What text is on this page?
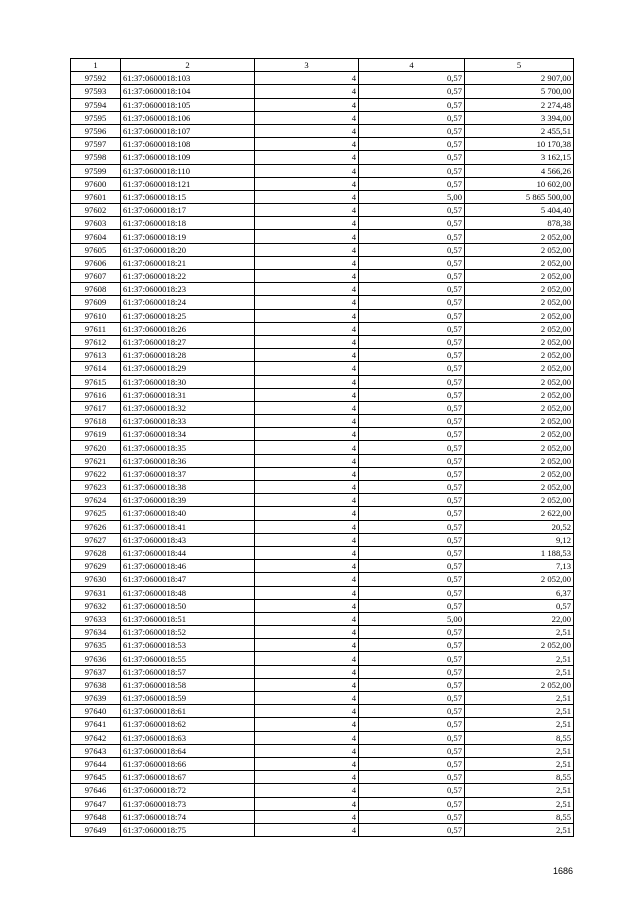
1	2	3	4	5
97592	61:37:0600018:103	4	0,57	2 907,00
97593	61:37:0600018:104	4	0,57	5 700,00
97594	61:37:0600018:105	4	0,57	2 274,48
97595	61:37:0600018:106	4	0,57	3 394,00
97596	61:37:0600018:107	4	0,57	2 455,51
97597	61:37:0600018:108	4	0,57	10 170,38
97598	61:37:0600018:109	4	0,57	3 162,15
97599	61:37:0600018:110	4	0,57	4 566,26
97600	61:37:0600018:121	4	0,57	10 602,00
97601	61:37:0600018:15	4	5,00	5 865 500,00
97602	61:37:0600018:17	4	0,57	5 404,40
97603	61:37:0600018:18	4	0,57	878,38
97604	61:37:0600018:19	4	0,57	2 052,00
97605	61:37:0600018:20	4	0,57	2 052,00
97606	61:37:0600018:21	4	0,57	2 052,00
97607	61:37:0600018:22	4	0,57	2 052,00
97608	61:37:0600018:23	4	0,57	2 052,00
97609	61:37:0600018:24	4	0,57	2 052,00
97610	61:37:0600018:25	4	0,57	2 052,00
97611	61:37:0600018:26	4	0,57	2 052,00
97612	61:37:0600018:27	4	0,57	2 052,00
97613	61:37:0600018:28	4	0,57	2 052,00
97614	61:37:0600018:29	4	0,57	2 052,00
97615	61:37:0600018:30	4	0,57	2 052,00
97616	61:37:0600018:31	4	0,57	2 052,00
97617	61:37:0600018:32	4	0,57	2 052,00
97618	61:37:0600018:33	4	0,57	2 052,00
97619	61:37:0600018:34	4	0,57	2 052,00
97620	61:37:0600018:35	4	0,57	2 052,00
97621	61:37:0600018:36	4	0,57	2 052,00
97622	61:37:0600018:37	4	0,57	2 052,00
97623	61:37:0600018:38	4	0,57	2 052,00
97624	61:37:0600018:39	4	0,57	2 052,00
97625	61:37:0600018:40	4	0,57	2 622,00
97626	61:37:0600018:41	4	0,57	20,52
97627	61:37:0600018:43	4	0,57	9,12
97628	61:37:0600018:44	4	0,57	1 188,53
97629	61:37:0600018:46	4	0,57	7,13
97630	61:37:0600018:47	4	0,57	2 052,00
97631	61:37:0600018:48	4	0,57	6,37
97632	61:37:0600018:50	4	0,57	0,57
97633	61:37:0600018:51	4	5,00	22,00
97634	61:37:0600018:52	4	0,57	2,51
97635	61:37:0600018:53	4	0,57	2 052,00
97636	61:37:0600018:55	4	0,57	2,51
97637	61:37:0600018:57	4	0,57	2,51
97638	61:37:0600018:58	4	0,57	2 052,00
97639	61:37:0600018:59	4	0,57	2,51
97640	61:37:0600018:61	4	0,57	2,51
97641	61:37:0600018:62	4	0,57	2,51
97642	61:37:0600018:63	4	0,57	8,55
97643	61:37:0600018:64	4	0,57	2,51
97644	61:37:0600018:66	4	0,57	2,51
97645	61:37:0600018:67	4	0,57	8,55
97646	61:37:0600018:72	4	0,57	2,51
97647	61:37:0600018:73	4	0,57	2,51
97648	61:37:0600018:74	4	0,57	8,55
97649	61:37:0600018:75	4	0,57	2,51
1686
